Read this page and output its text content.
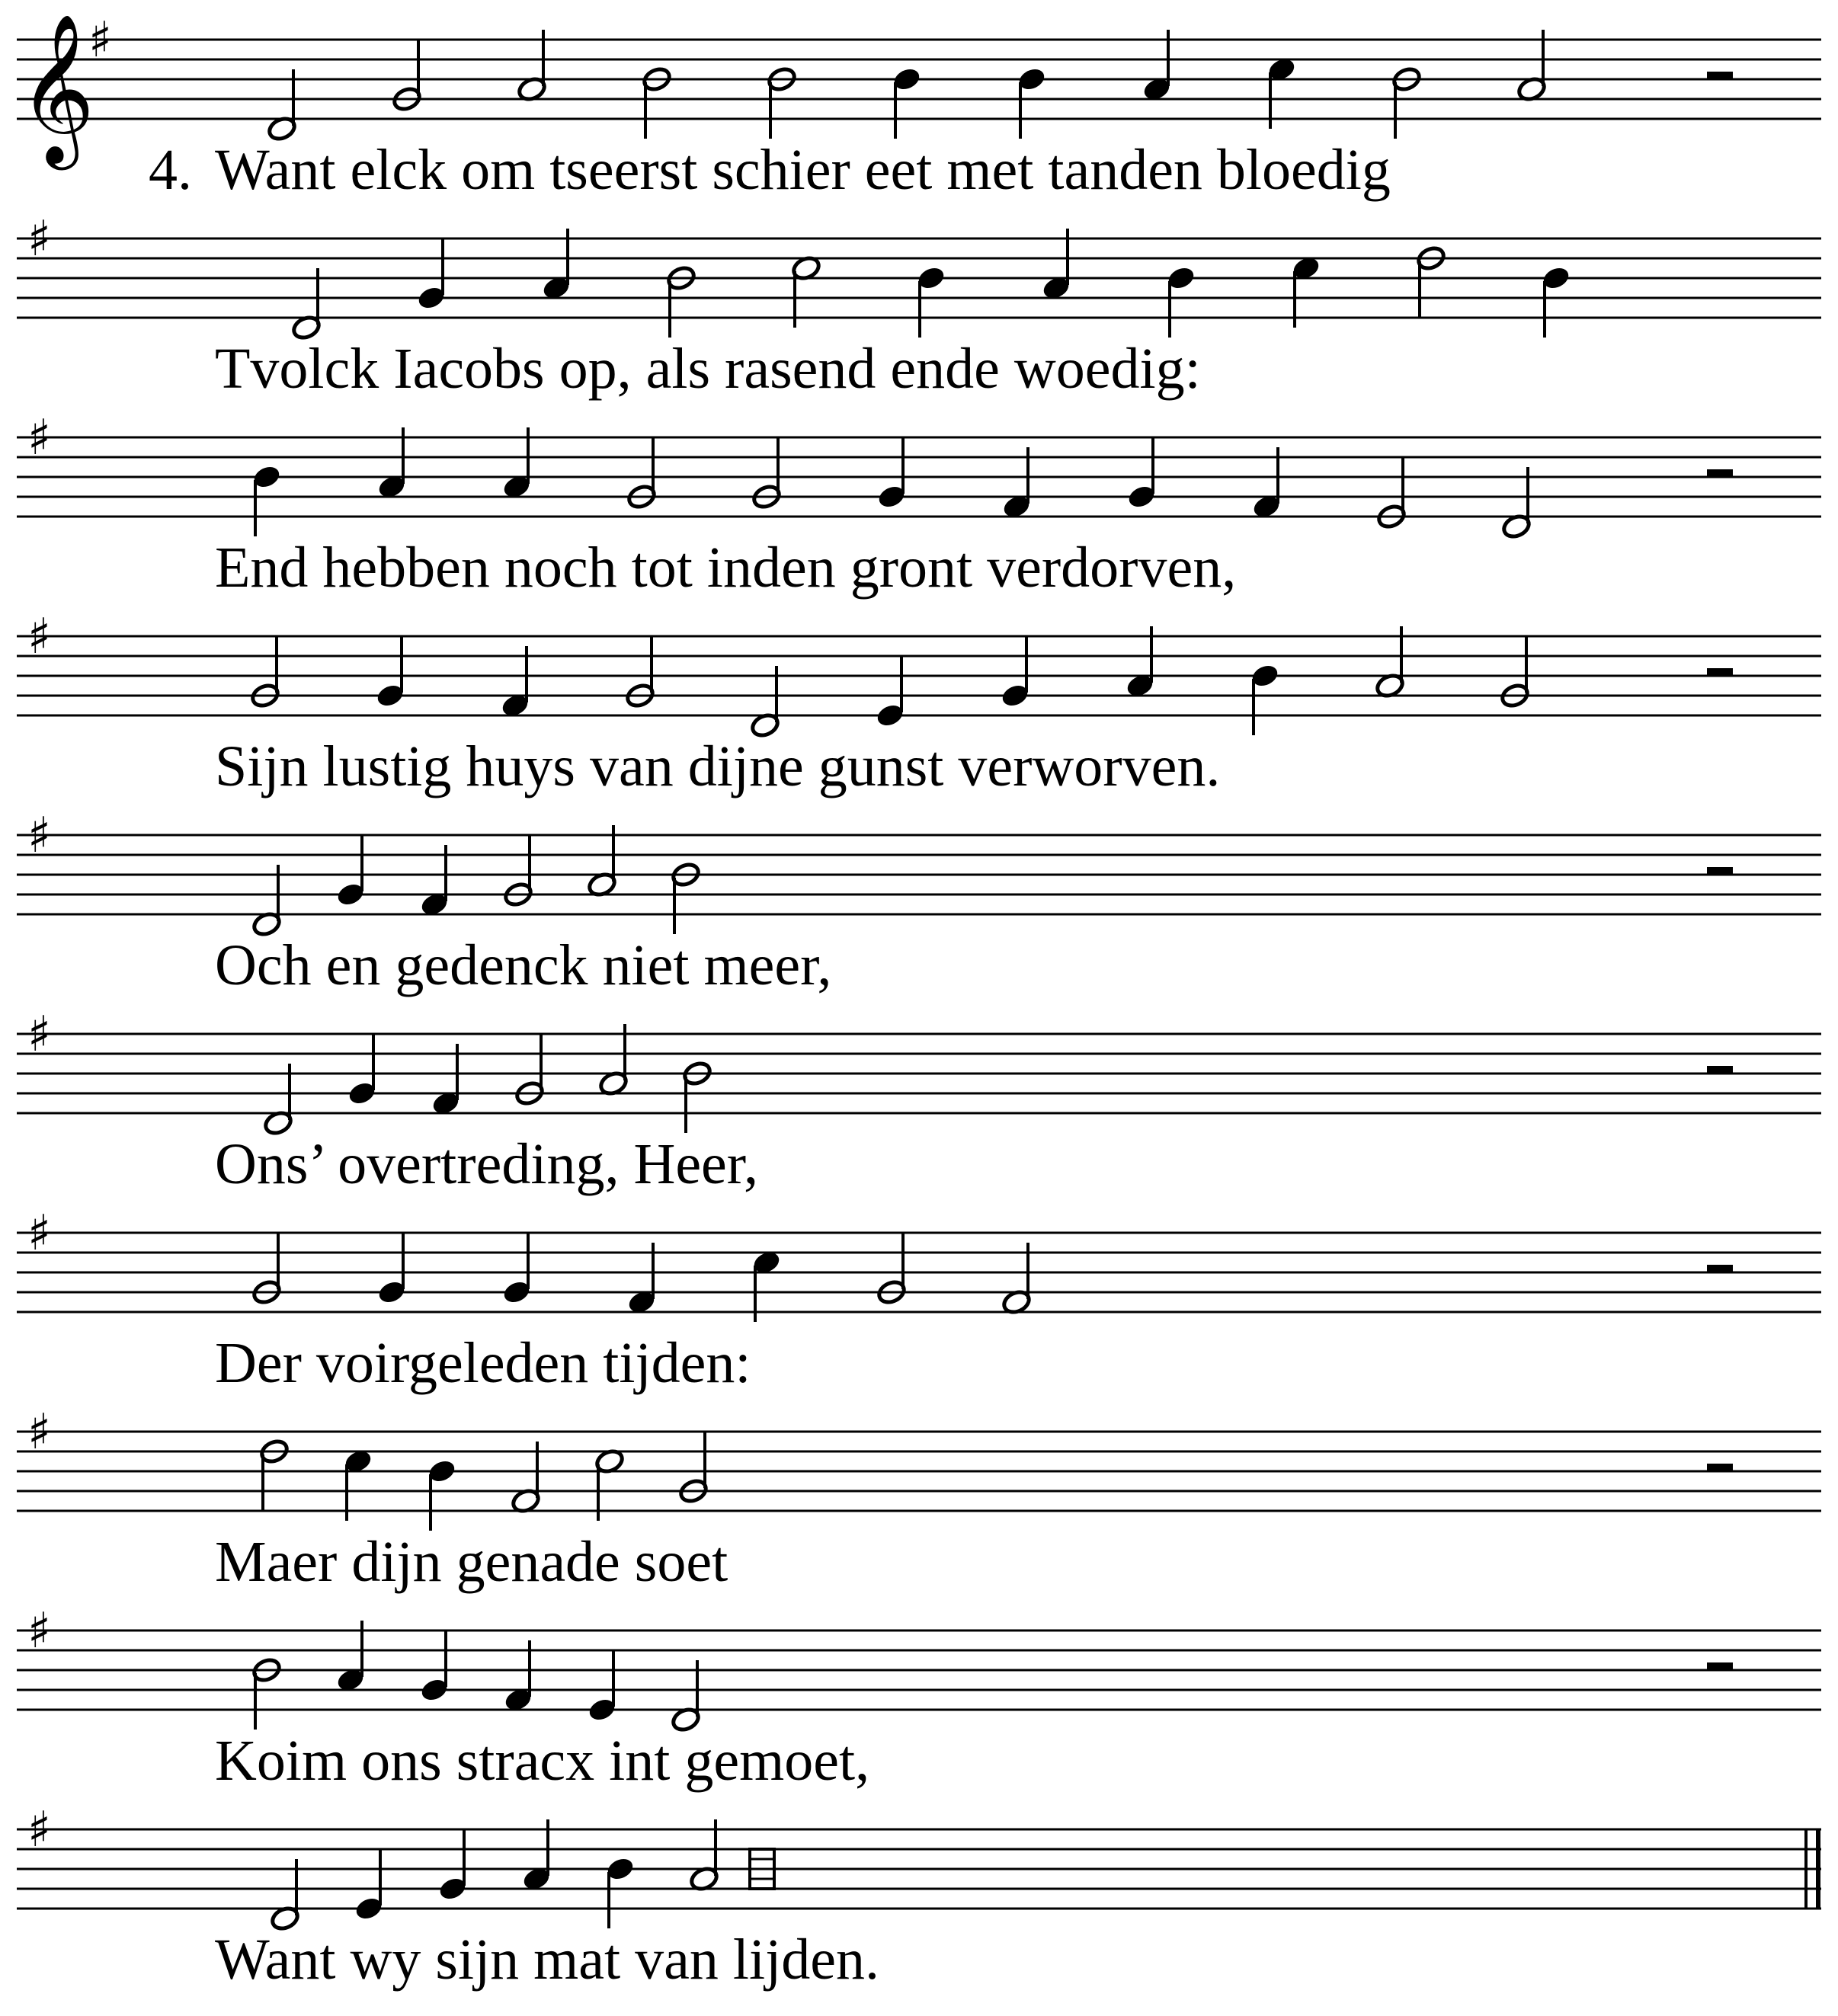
4.
𝄞
♯
Want elck om tseerst schier eet met tanden bloedig
♯
Tvolck Iacobs op, als rasend ende woedig:
♯
End hebben noch tot inden gront verdorven,
♯
Sijn lustig huys van dijne gunst verworven.
♯
Och en gedenck niet meer,
♯
Ons’ overtreding, Heer,
♯
Der voirgeleden tijden:
♯
Maer dijn genade soet
♯
Koim ons stracx int gemoet,
♯
Want wy sijn mat van lijden.
